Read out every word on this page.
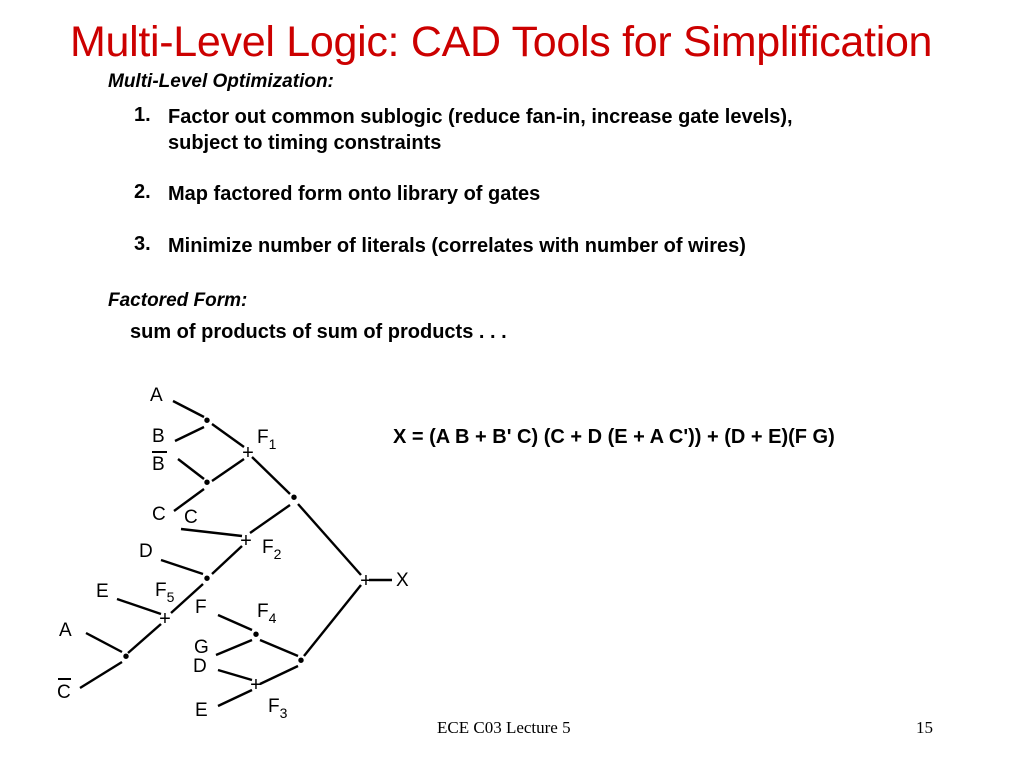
Multi-Level Logic: CAD Tools for Simplification
Multi-Level Optimization:
1. Factor out common sublogic (reduce fan-in, increase gate levels),
subject to timing constraints
2. Map factored form onto library of gates
3. Minimize number of literals (correlates with number of wires)
Factored Form:
sum of products of sum of products . . .
X = (A B + B' C) (C + D (E + A C')) + (D + E)(F G)
•
•
+
•
+
•	+
+
•
•	•
+
A
B
B
C C
D
E
A
C
F
G
D
E
X
$F_1$
$F_2$
$F_3$
$F_4$
$F_5$
ECE C03 Lecture 5	15
